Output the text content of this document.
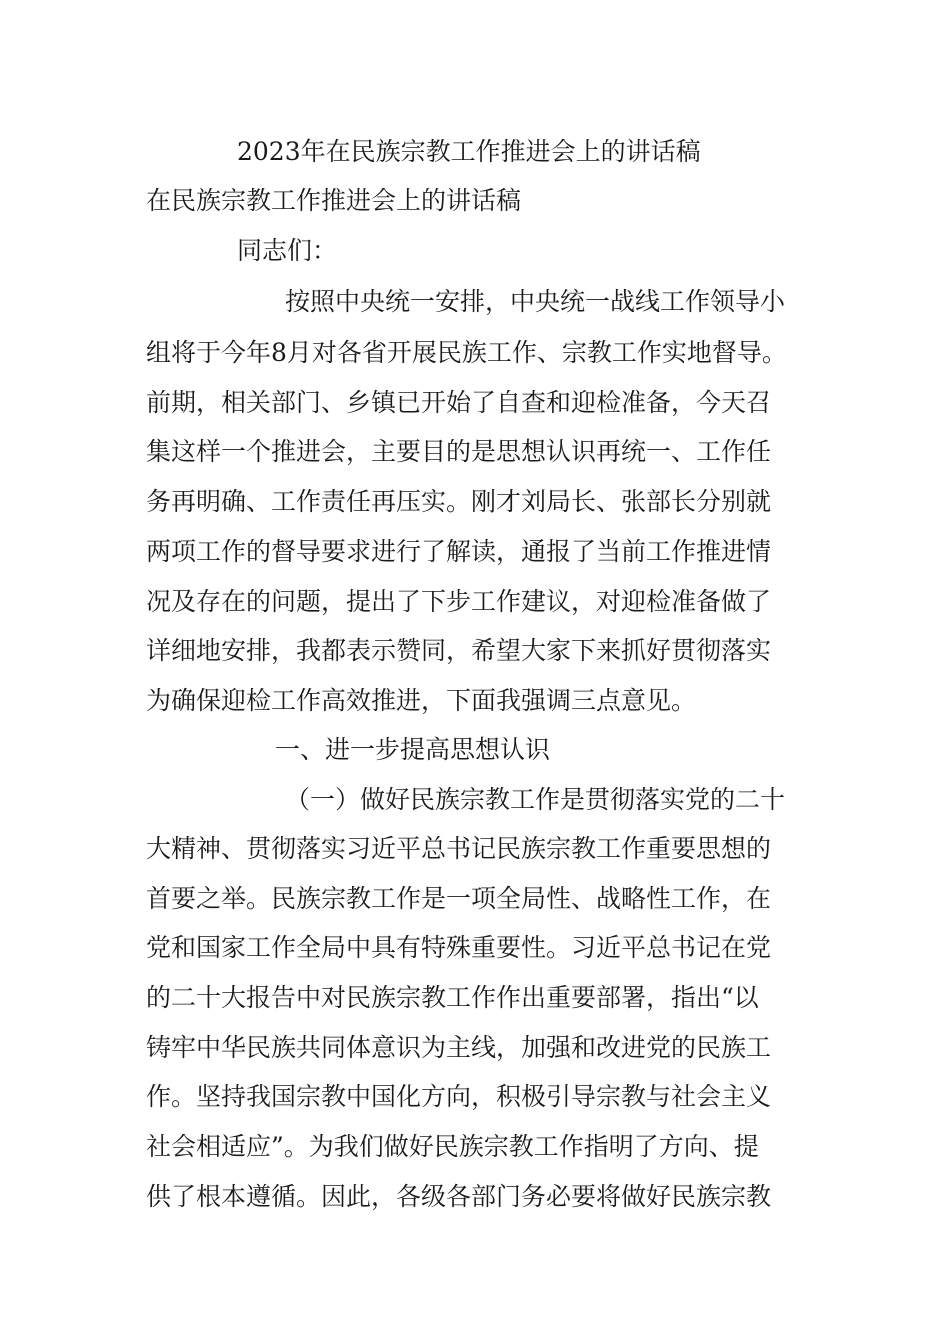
2023年在民族宗教工作推进会上的讲话稿
在民族宗教工作推进会上的讲话稿
同志们：
按照中央统一安排，中央统一战线工作领导小
组将于今年8月对各省开展民族工作、宗教工作实地督导。
前期，相关部门、乡镇已开始了自查和迎检准备，今天召
集这样一个推进会，主要目的是思想认识再统一、工作任
务再明确、工作责任再压实。刚才刘局长、张部长分别就
两项工作的督导要求进行了解读，通报了当前工作推进情
况及存在的问题，提出了下步工作建议，对迎检准备做了
详细地安排，我都表示赞同，希望大家下来抓好贯彻落实
为确保迎检工作高效推进，下面我强调三点意见。
一、进一步提高思想认识
（一）做好民族宗教工作是贯彻落实党的二十
大精神、贯彻落实习近平总书记民族宗教工作重要思想的
首要之举。民族宗教工作是一项全局性、战略性工作，在
党和国家工作全局中具有特殊重要性。习近平总书记在党
的二十大报告中对民族宗教工作作出重要部署，指出“以
铸牢中华民族共同体意识为主线，加强和改进党的民族工
作。坚持我国宗教中国化方向，积极引导宗教与社会主义
社会相适应”。为我们做好民族宗教工作指明了方向、提
供了根本遵循。因此，各级各部门务必要将做好民族宗教
